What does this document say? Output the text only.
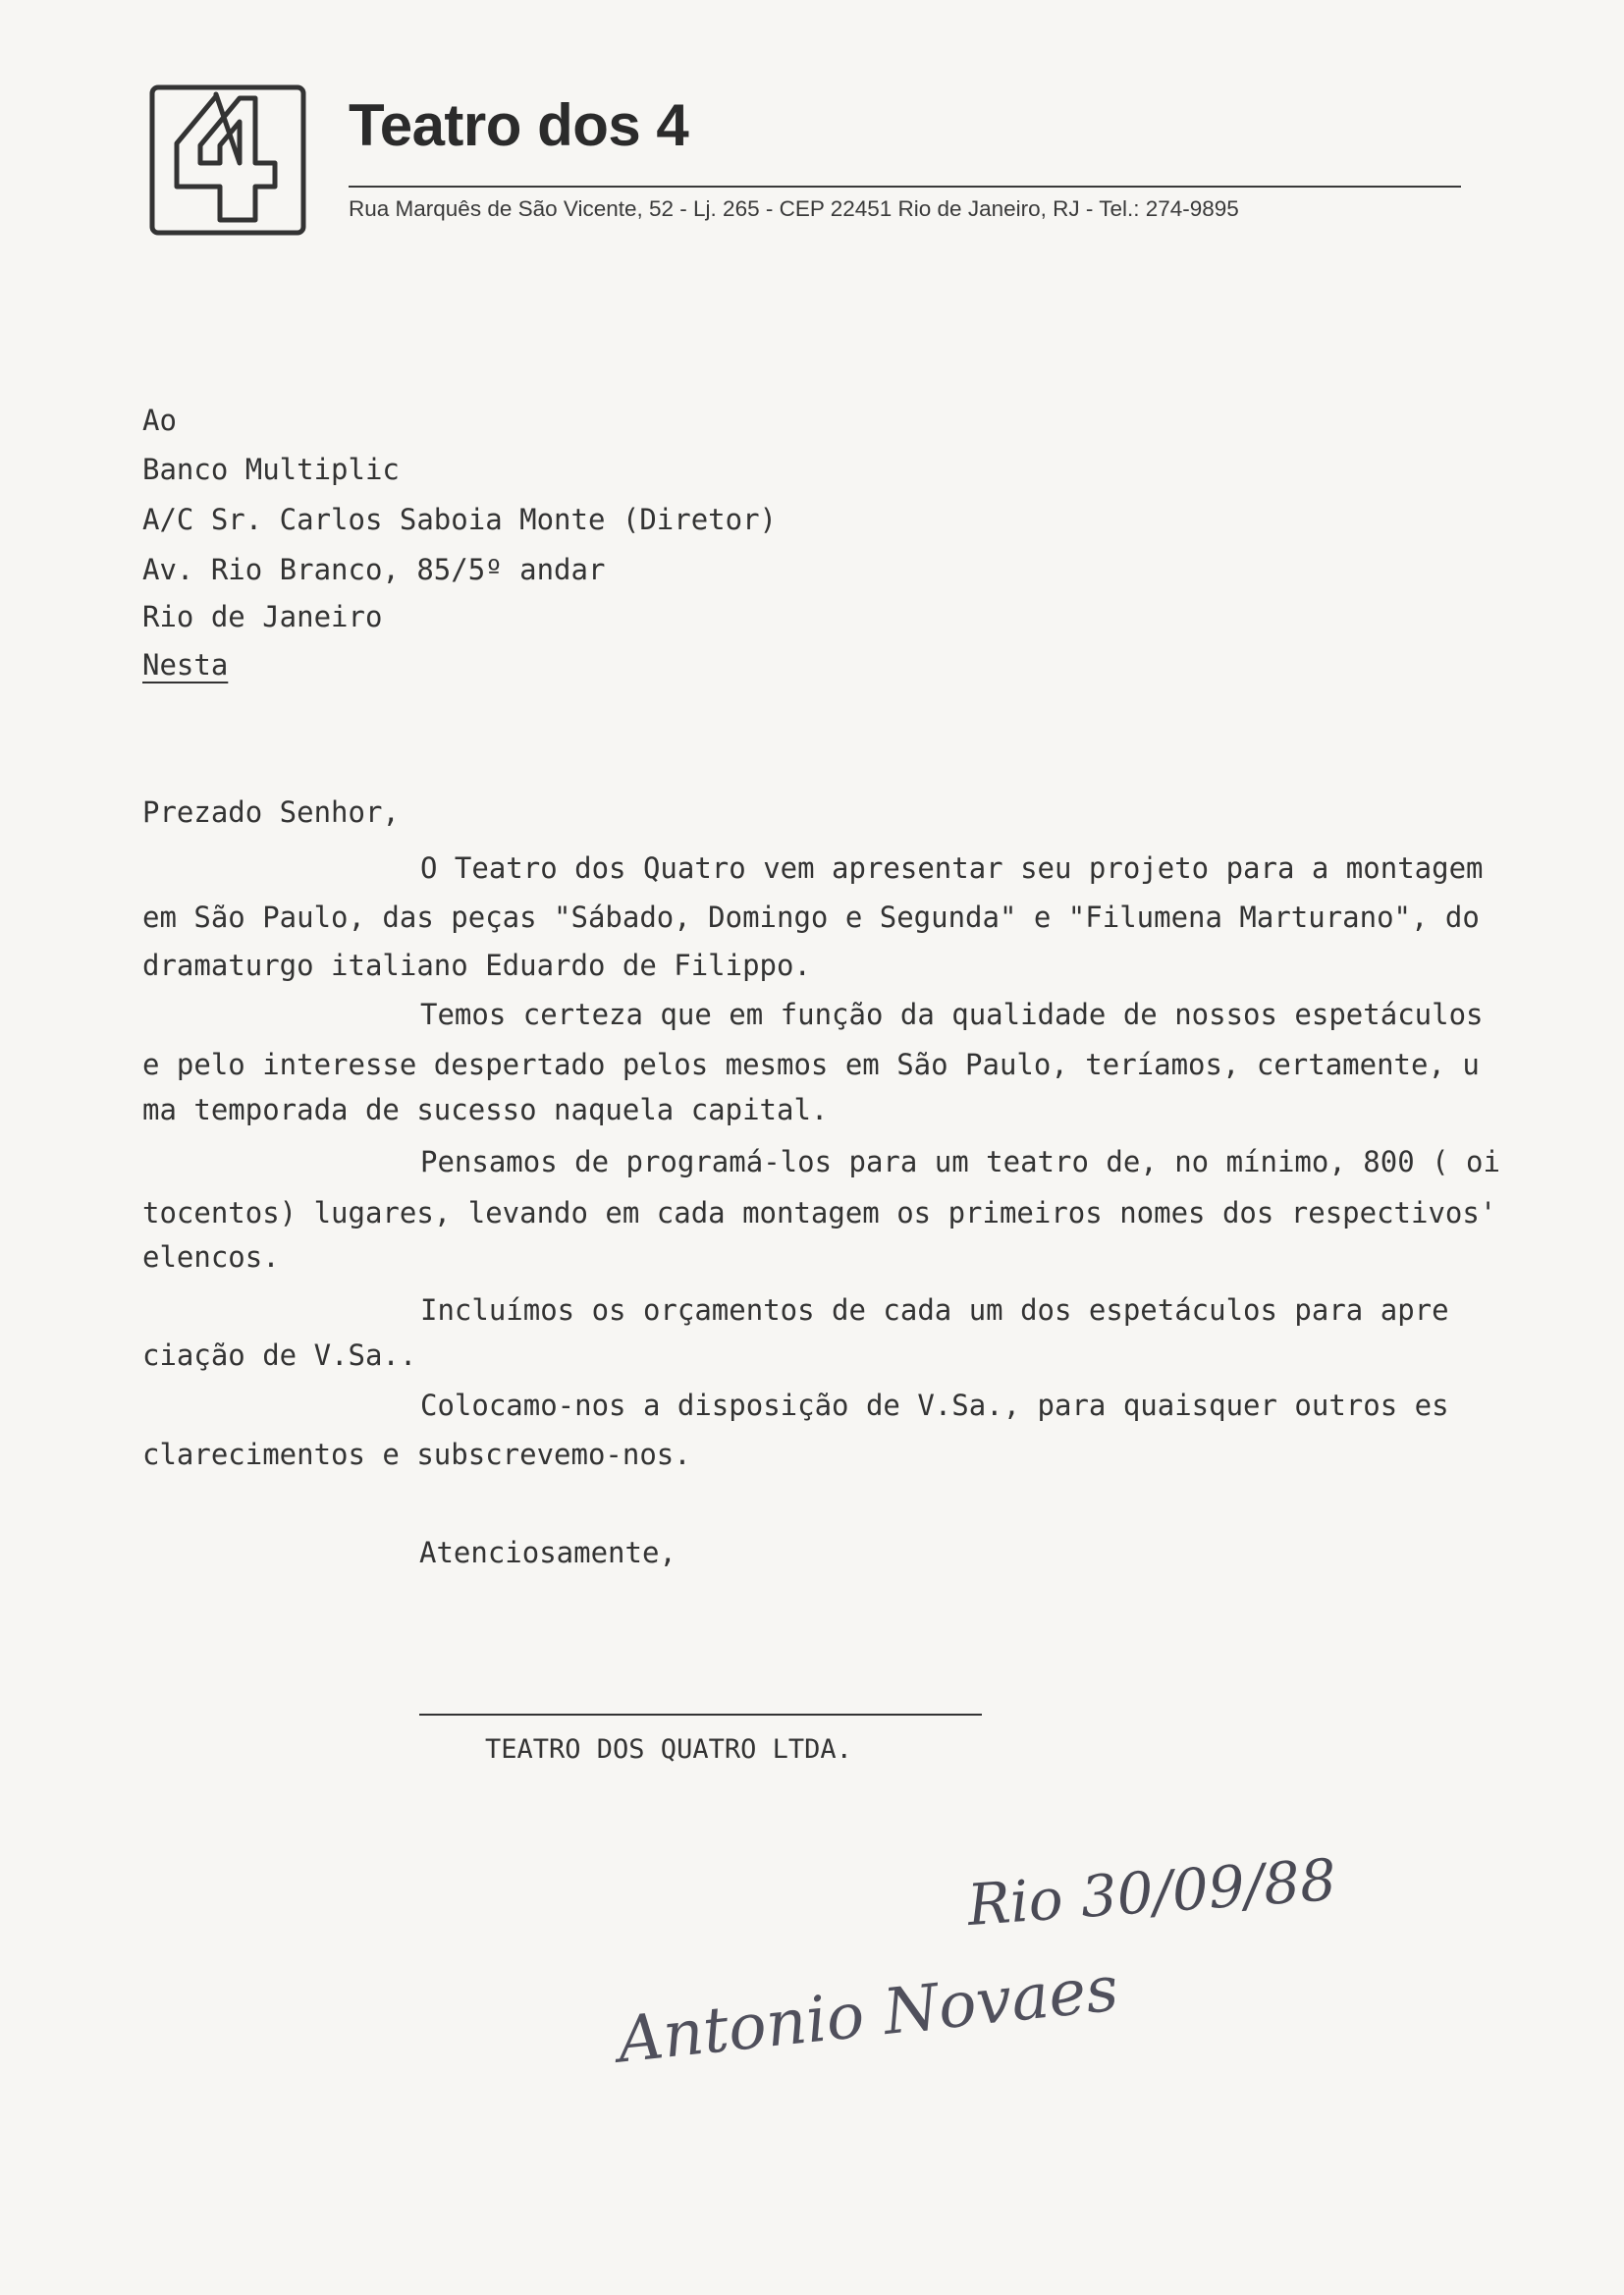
Teatro dos 4
Rua Marquês de São Vicente, 52 - Lj. 265 - CEP 22451 Rio de Janeiro, RJ - Tel.: 274-9895
Ao
Banco Multiplic
A/C Sr. Carlos Saboia Monte (Diretor)
Av. Rio Branco, 85/5º andar
Rio de Janeiro
Nesta
Prezado Senhor,
O Teatro dos Quatro vem apresentar seu projeto para a montagem
em São Paulo, das peças "Sábado, Domingo e Segunda" e "Filumena Marturano", do
dramaturgo italiano Eduardo de Filippo.
Temos certeza que em função da qualidade de nossos espetáculos
e pelo interesse despertado pelos mesmos em São Paulo, teríamos, certamente, u
ma temporada de sucesso naquela capital.
Pensamos de programá-los para um teatro de, no mínimo, 800 ( oi
tocentos) lugares, levando em cada montagem os primeiros nomes dos respectivos'
elencos.
Incluímos os orçamentos de cada um dos espetáculos para apre
ciação de V.Sa..
Colocamo-nos a disposição de V.Sa., para quaisquer outros es
clarecimentos e subscrevemo-nos.
Atenciosamente,
TEATRO DOS QUATRO LTDA.
Rio 30/09/88
Antonio Novaes
